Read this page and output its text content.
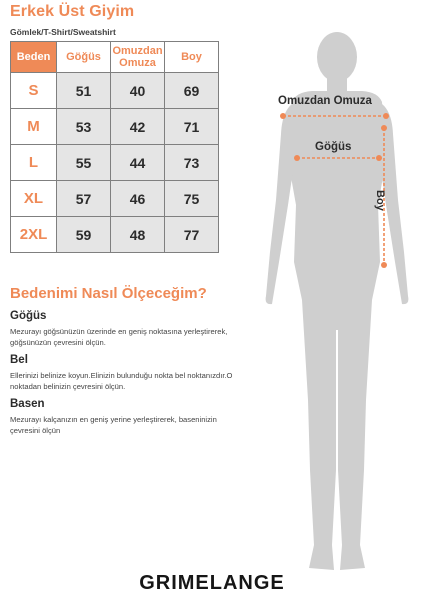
Erkek Üst Giyim
Gömlek/T-Shirt/Sweatshirt
Beden	Göğüs	Omuzdan Omuza	Boy
S	51	40	69
M	53	42	71
L	55	44	73
XL	57	46	75
2XL	59	48	77
Bedenimi Nasıl Ölçeceğim?
Göğüs
Mezurayı göğsünüzün üzerinde en geniş noktasına yerleştirerek, göğsünüzün çevresini ölçün.
Bel
Ellerinizi belinize koyun.Elinizin bulunduğu nokta bel noktanızdır.O noktadan belinizin çevresini ölçün.
Basen
Mezurayı kalçanızın en geniş yerine yerleştirerek, baseninizin çevresini ölçün
Omuzdan Omuza
Göğüs
Boy
GRIMELANGE
